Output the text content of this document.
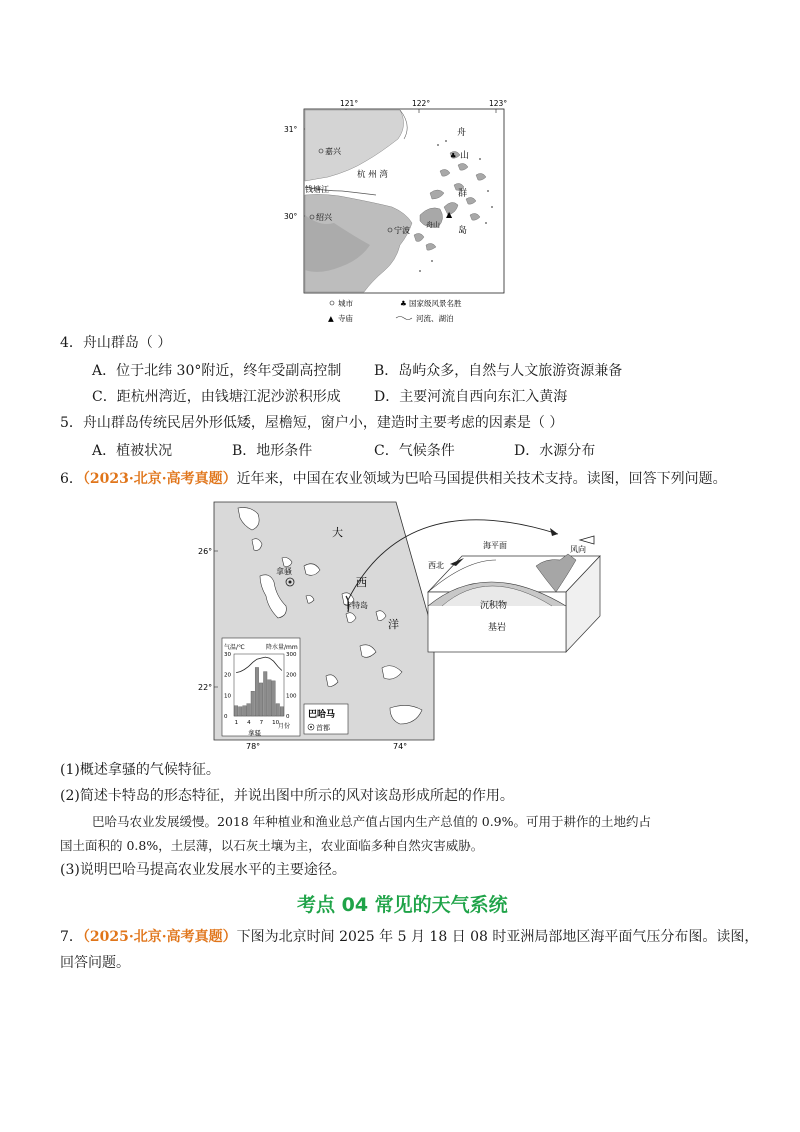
121°	122°	123°
31°
30°
嘉兴
杭 州 湾
钱塘江
绍兴
宁波
舟山
♣
▲
舟
山
群
岛
城市	♣ 国家级风景名胜
▲ 寺庙	河流、湖泊
4．舟山群岛（ ）
A．位于北纬 30°附近，终年受副高控制 B．岛屿众多，自然与人文旅游资源兼备
C．距杭州湾近，由钱塘江泥沙淤积形成 D．主要河流自西向东汇入黄海
5．舟山群岛传统民居外形低矮，屋檐短，窗户小，建造时主要考虑的因素是（ ）
A．植被状况	B．地形条件	C．气候条件	D．水源分布
6．（2023·北京·高考真题）近年来，中国在农业领域为巴哈马国提供相关技术支持。读图，回答下列问题。
26°
22°
78°	74°
拿骚
卡特岛
大
西
洋
气温/℃	降水量/mm
30
20
10
0
300
200
100
0
1 4 7 10
月份
拿骚
巴哈马
首都
海平面
西北
风向
沉积物
基岩
(1)概述拿骚的气候特征。
(2)简述卡特岛的形态特征，并说出图中所示的风对该岛形成所起的作用。
巴哈马农业发展缓慢。2018 年种植业和渔业总产值占国内生产总值的 0.9%。可用于耕作的土地约占
国土面积的 0.8%，土层薄，以石灰土壤为主，农业面临多种自然灾害威胁。
(3)说明巴哈马提高农业发展水平的主要途径。
考点 04 常见的天气系统
7．（2025·北京·高考真题）下图为北京时间 2025 年 5 月 18 日 08 时亚洲局部地区海平面气压分布图。读图，
回答问题。
